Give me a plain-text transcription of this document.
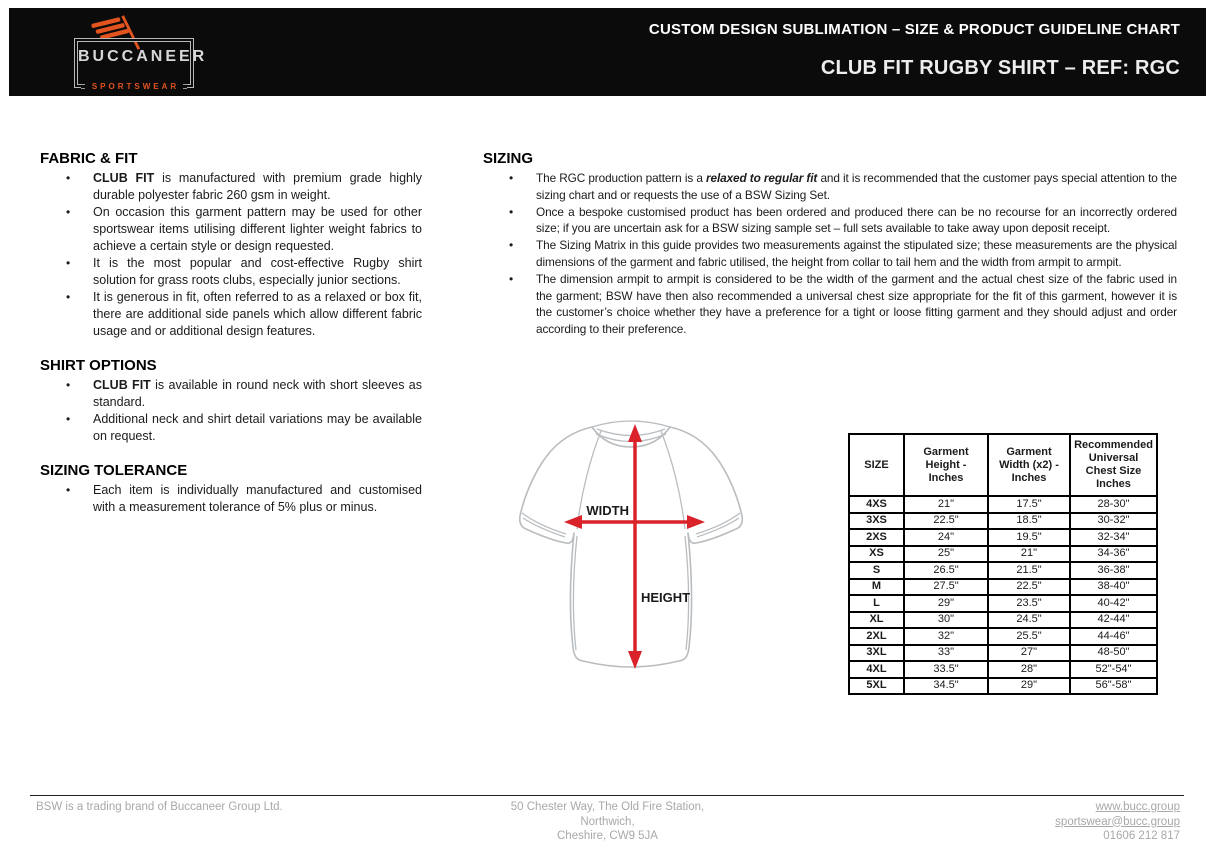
BUCCANEER
SPORTSWEAR
CUSTOM DESIGN SUBLIMATION – SIZE & PRODUCT GUIDELINE CHART
CLUB FIT RUGBY SHIRT – REF: RGC
FABRIC & FIT
• CLUB FIT is manufactured with premium grade highly durable polyester fabric 260 gsm in weight.
• On occasion this garment pattern may be used for other sportswear items utilising different lighter weight fabrics to achieve a certain style or design requested.
• It is the most popular and cost-effective Rugby shirt solution for grass roots clubs, especially junior sections.
• It is generous in fit, often referred to as a relaxed or box fit, there are additional side panels which allow different fabric usage and or additional design features.
SHIRT OPTIONS
• CLUB FIT is available in round neck with short sleeves as standard.
• Additional neck and shirt detail variations may be available on request.
SIZING TOLERANCE
• Each item is individually manufactured and customised with a measurement tolerance of 5% plus or minus.
SIZING
• The RGC production pattern is a relaxed to regular fit and it is recommended that the customer pays special attention to the sizing chart and or requests the use of a BSW Sizing Set.
• Once a bespoke customised product has been ordered and produced there can be no recourse for an incorrectly ordered size; if you are uncertain ask for a BSW sizing sample set – full sets available to take away upon deposit receipt.
• The Sizing Matrix in this guide provides two measurements against the stipulated size; these measurements are the physical dimensions of the garment and fabric utilised, the height from collar to tail hem and the width from armpit to armpit.
• The dimension armpit to armpit is considered to be the width of the garment and the actual chest size of the fabric used in the garment; BSW have then also recommended a universal chest size appropriate for the fit of this garment, however it is the customer’s choice whether they have a preference for a tight or loose fitting garment and they should adjust and order according to their preference.
WIDTH
HEIGHT
SIZE	Garment Height - Inches	Garment Width (x2) - Inches	Recommended Universal Chest Size Inches
4XS	21"	17.5"	28-30"
3XS	22.5"	18.5"	30-32"
2XS	24"	19.5"	32-34"
XS	25"	21"	34-36"
S	26.5"	21.5"	36-38"
M	27.5"	22.5"	38-40"
L	29"	23.5"	40-42"
XL	30"	24.5"	42-44"
2XL	32"	25.5"	44-46"
3XL	33"	27"	48-50"
4XL	33.5"	28"	52"-54"
5XL	34.5"	29"	56"-58"
BSW is a trading brand of Buccaneer Group Ltd.	50 Chester Way, The Old Fire Station,
Northwich,
Cheshire, CW9 5JA
www.bucc.group
sportswear@bucc.group
01606 212 817
